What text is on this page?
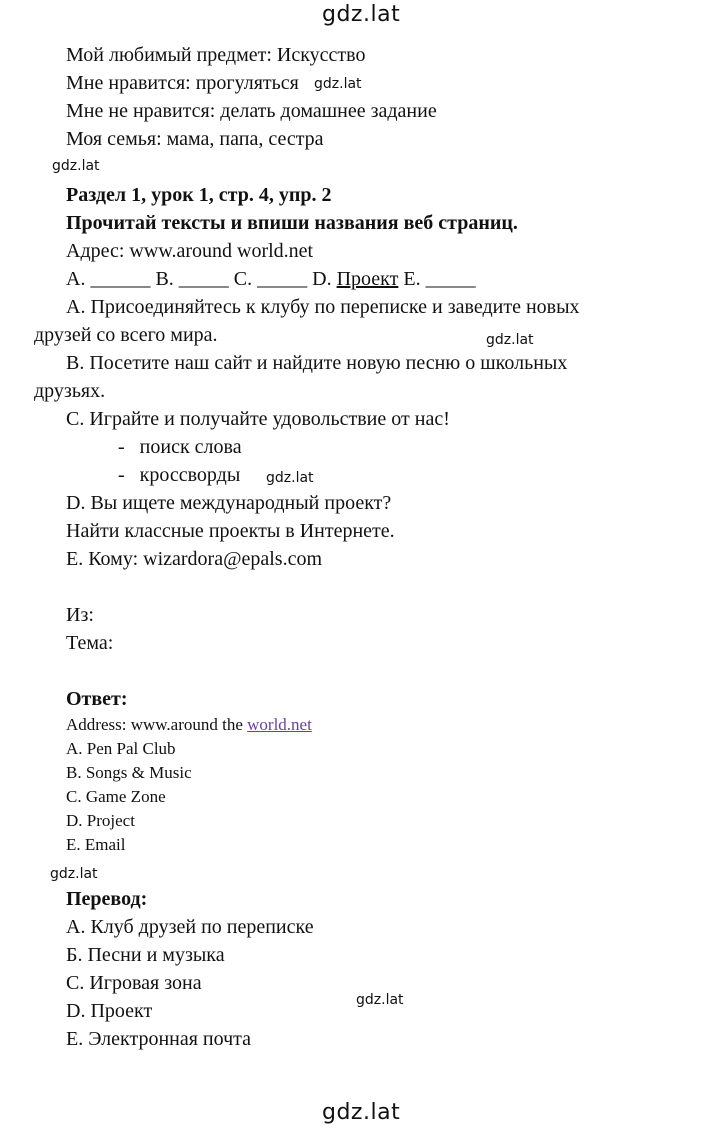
gdz.lat
gdz.lat
gdz.lat
gdz.lat
gdz.lat
gdz.lat
gdz.lat
gdz.lat
Мой любимый предмет: Искусство
Мне нравится: прогуляться
Мне не нравится: делать домашнее задание
Моя семья: мама, папа, сестра
Раздел 1, урок 1, стр. 4, упр. 2
Прочитай тексты и впиши названия веб страниц.
Адрес: www.around world.net
A. ______ B. _____ C. _____ D. Проект E. _____
A. Присоединяйтесь к клубу по переписке и заведите новых
друзей со всего мира.
B. Посетите наш сайт и найдите новую песню о школьных
друзьях.
C. Играйте и получайте удовольствие от нас!
-   поиск слова
-   кроссворды
D. Вы ищете международный проект?
Найти классные проекты в Интернете.
E. Кому: wizardora@epals.com
Из:
Тема:
Ответ:
Address: www.around the world.net
A. Pen Pal Club
B. Songs & Music
C. Game Zone
D. Project
E. Email
Перевод:
A. Клуб друзей по переписке
Б. Песни и музыка
C. Игровая зона
D. Проект
E. Электронная почта
